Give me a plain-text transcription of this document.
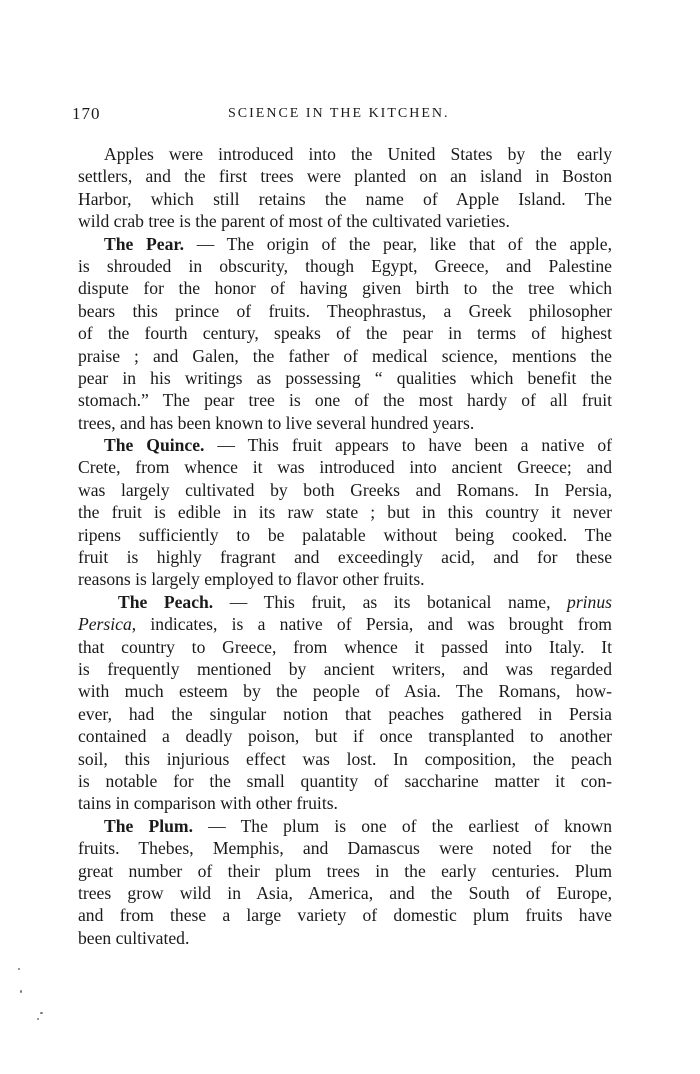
170	SCIENCE IN THE KITCHEN.
Apples were introduced into the United States by the early
settlers, and the first trees were planted on an island in Boston
Harbor, which still retains the name of Apple Island. The
wild crab tree is the parent of most of the cultivated varieties.
The Pear. — The origin of the pear, like that of the apple,
is shrouded in obscurity, though Egypt, Greece, and Palestine
dispute for the honor of having given birth to the tree which
bears this prince of fruits. Theophrastus, a Greek philosopher
of the fourth century, speaks of the pear in terms of highest
praise ; and Galen, the father of medical science, mentions the
pear in his writings as possessing “ qualities which benefit the
stomach.” The pear tree is one of the most hardy of all fruit
trees, and has been known to live several hundred years.
The Quince. — This fruit appears to have been a native of
Crete, from whence it was introduced into ancient Greece; and
was largely cultivated by both Greeks and Romans. In Persia,
the fruit is edible in its raw state ; but in this country it never
ripens sufficiently to be palatable without being cooked. The
fruit is highly fragrant and exceedingly acid, and for these
reasons is largely employed to flavor other fruits.
The Peach. — This fruit, as its botanical name, prinus
Persica, indicates, is a native of Persia, and was brought from
that country to Greece, from whence it passed into Italy. It
is frequently mentioned by ancient writers, and was regarded
with much esteem by the people of Asia. The Romans, how-
ever, had the singular notion that peaches gathered in Persia
contained a deadly poison, but if once transplanted to another
soil, this injurious effect was lost. In composition, the peach
is notable for the small quantity of saccharine matter it con-
tains in comparison with other fruits.
The Plum. — The plum is one of the earliest of known
fruits. Thebes, Memphis, and Damascus were noted for the
great number of their plum trees in the early centuries. Plum
trees grow wild in Asia, America, and the South of Europe,
and from these a large variety of domestic plum fruits have
been cultivated.
